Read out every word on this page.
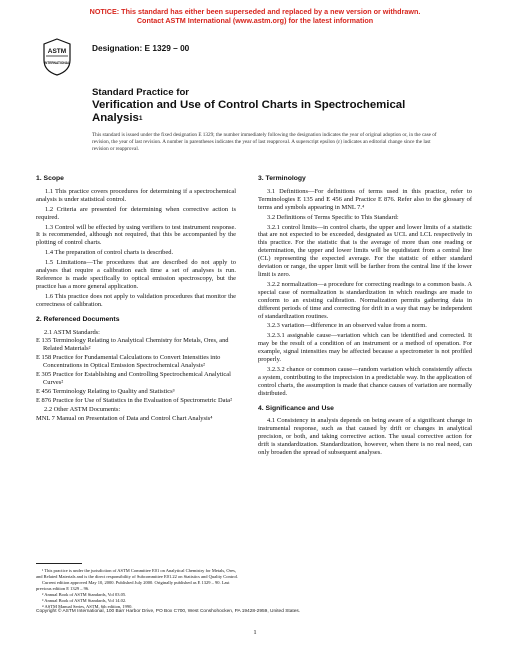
NOTICE: This standard has either been superseded and replaced by a new version or withdrawn.
Contact ASTM International (www.astm.org) for the latest information
ASTM
INTERNATIONAL
Designation: E 1329 – 00
Standard Practice for
Verification and Use of Control Charts in Spectrochemical
Analysis$^1$
This standard is issued under the fixed designation E 1329; the number immediately following the designation indicates the year of original adoption or, in the case of revision, the year of last revision. A number in parentheses indicates the year of last reapproval. A superscript epsilon (ε) indicates an editorial change since the last revision or reapproval.
1. Scope

1.1 This practice covers procedures for determining if a spectrochemical analysis is under statistical control.

1.2 Criteria are presented for determining when corrective action is required.

1.3 Control will be effected by using verifiers to test instrument response. It is recommended, although not required, that this be accompanied by the plotting of control charts.

1.4 The preparation of control charts is described.

1.5 Limitations—The procedures that are described do not apply to analyses that require a calibration each time a set of analyses is run. Reference is made specifically to optical emission spectroscopy, but the practice has a more general application.

1.6 This practice does not apply to validation procedures that monitor the correctness of calibration.

2. Referenced Documents
2.1 ASTM Standards:
E 135 Terminology Relating to Analytical Chemistry for Metals, Ores, and Related Materials²
E 158 Practice for Fundamental Calculations to Convert Intensities into Concentrations in Optical Emission Spectrochemical Analysis²
E 305 Practice for Establishing and Controlling Spectrochemical Analytical Curves²
E 456 Terminology Relating to Quality and Statistics³
E 876 Practice for Use of Statistics in the Evaluation of Spectrometric Data²
2.2 Other ASTM Documents:
MNL 7 Manual on Presentation of Data and Control Chart Analysis⁴
3. Terminology

3.1 Definitions—For definitions of terms used in this practice, refer to Terminologies E 135 and E 456 and Practice E 876. Refer also to the glossary of terms and symbols appearing in MNL 7.⁴

3.2 Definitions of Terms Specific to This Standard:

3.2.1 control limits—in control charts, the upper and lower limits of a statistic that are not expected to be exceeded, designated as UCL and LCL respectively in this practice. For the statistic that is the average of more than one reading or determination, the upper and lower limits will be equidistant from a central line (CL) representing the expected average. For the statistic of either standard deviation or range, the upper limit will be farther from the central line if the lower limit is zero.

3.2.2 normalization—a procedure for correcting readings to a common basis. A special case of normalization is standardization in which readings are made to conform to an existing calibration. Normalization permits gathering data in different periods of time and correcting for drift in a way that may be independent of standardization routines.

3.2.3 variation—difference in an observed value from a norm.

3.2.3.1 assignable cause—variation which can be identified and corrected. It may be the result of a condition of an instrument or a method of operation. For example, signal intensities may be affected because a spectrometer is not profiled properly.

3.2.3.2 chance or common cause—random variation which consistently affects a system, contributing to the imprecision in a predictable way. In the application of control charts, the assumption is made that chance causes of variation are normally distributed.

4. Significance and Use

4.1 Consistency in analysis depends on being aware of a significant change in instrumental response, such as that caused by drift or changes in analytical precision, or both, and taking corrective action. The usual corrective action for drift is standardization. Standardization, however, when there is no real need, can only broaden the spread of subsequent analyses.

¹ This practice is under the jurisdiction of ASTM Committee E01 on Analytical Chemistry for Metals, Ores, and Related Materials and is the direct responsibility of Subcommittee E01.22 on Statistics and Quality Control.
Current edition approved May 10, 2000. Published July 2000. Originally published as E 1329 – 90. Last previous edition E 1329 – 96.
² Annual Book of ASTM Standards, Vol 03.05.
³ Annual Book of ASTM Standards, Vol 14.02.
⁴ ASTM Manual Series, ASTM, 6th edition, 1990.
Copyright © ASTM International, 100 Barr Harbor Drive, PO Box C700, West Conshohocken, PA 19428-2959, United States.
1
